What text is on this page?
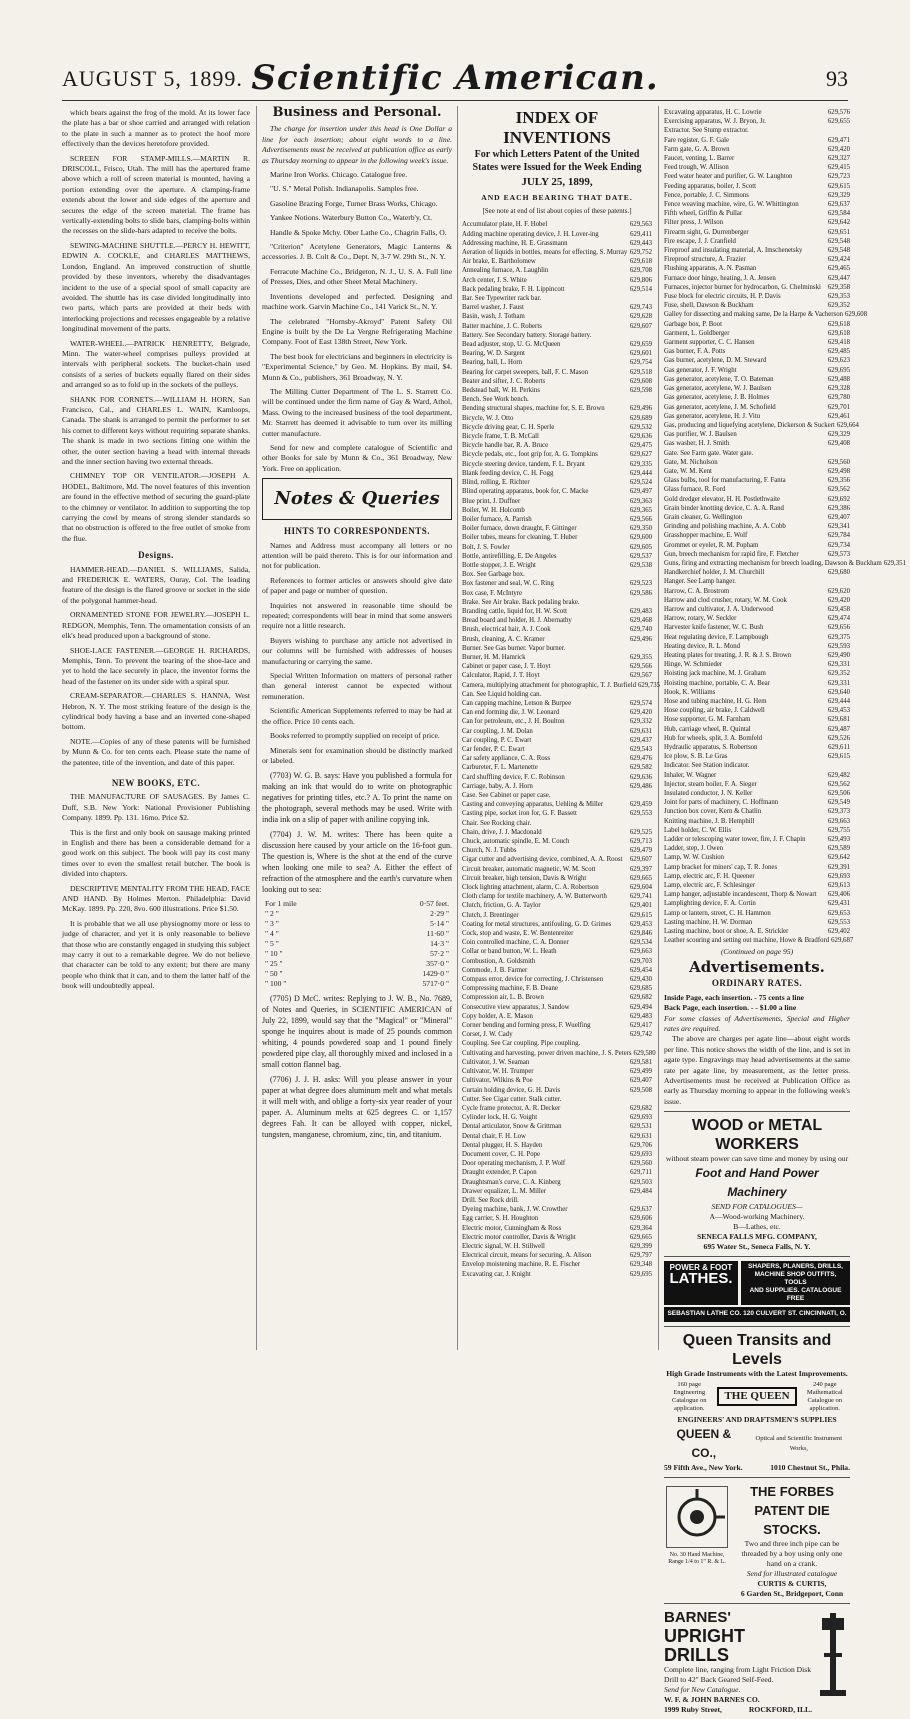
AUGUST 5, 1899. Scientific American.	93

which bears against the frog of the mold. At its lower face the plate has a bar or shoe carried and arranged with relation to the plate in such a manner as to protect the hoof more effectively than the devices heretofore provided.

SCREEN FOR STAMP-MILLS.—MARTIN R. DRISCOLL, Frisco, Utah. The mill has the apertured frame above which a roll of screen material is mounted, having a portion extending over the aperture. A clamping-frame extends about the lower and side edges of the aperture and secures the edge of the screen material. The frame has vertically-extending bolts to slide bars, clamping-bolts within the recesses on the slide-bars adapted to receive the bolts.

SEWING-MACHINE SHUTTLE.—PERCY H. HEWITT, EDWIN A. COCKLE, and CHARLES MATTHEWS, London, England. An improved construction of shuttle provided by these inventors, whereby the disadvantages incident to the use of a special spool of small capacity are avoided. The shuttle has its case divided longitudinally into two parts, which parts are provided at their beds with interlocking projections and recesses engageable by a relative longitudinal movement of the parts.

WATER-WHEEL.—PATRICK HENRETTY, Belgrade, Minn. The water-wheel comprises pulleys provided at intervals with peripheral sockets. The bucket-chain used consists of a series of buckets equally flared on their sides and arranged so as to fold up in the sockets of the pulleys.

SHANK FOR CORNETS.—WILLIAM H. HORN, San Francisco, Cal., and CHARLES L. WAIN, Kamloops, Canada. The shank is arranged to permit the performer to set his cornet to different keys without requiring separate shanks. The shank is made in two sections fitting one within the other, the outer section having a head with internal threads and the inner section having two external threads.

CHIMNEY TOP OR VENTILATOR.—JOSEPH A. HODEL, Baltimore, Md. The novel features of this invention are found in the effective method of securing the guard-plate to the chimney or ventilator. In addition to supporting the top carrying the cowl by means of strong slender standards so that no obstruction is offered to the free outlet of smoke from the flue.

Designs.

HAMMER-HEAD.—DANIEL S. WILLIAMS, Salida, and FREDERICK E. WATERS, Ouray, Col. The leading feature of the design is the flared groove or socket in the side of the polygonal hammer-head.

ORNAMENTED STONE FOR JEWELRY.—JOSEPH L. REDGON, Memphis, Tenn. The ornamentation consists of an elk's head produced upon a background of stone.

SHOE-LACE FASTENER.—GEORGE H. RICHARDS, Memphis, Tenn. To prevent the tearing of the shoe-lace and yet to hold the lace securely in place, the inventor forms the head of the fastener on its under side with a spiral spur.

CREAM-SEPARATOR.—CHARLES S. HANNA, West Hebron, N. Y. The most striking feature of the design is the cylindrical body having a base and an inverted cone-shaped bottom.

NOTE.—Copies of any of these patents will be furnished by Munn & Co. for ten cents each. Please state the name of the patentee, title of the invention, and date of this paper.

NEW BOOKS, ETC.

THE MANUFACTURE OF SAUSAGES. By James C. Duff, S.B. New York: National Provisioner Publishing Company. 1899. Pp. 131. 16mo. Price $2.

This is the first and only book on sausage making printed in English and there has been a considerable demand for a good work on this subject. The book will pay its cost many times over to even the smallest retail butcher. The book is divided into chapters.

DESCRIPTIVE MENTALITY FROM THE HEAD, FACE AND HAND. By Holmes Merton. Philadelphia: David McKay. 1899. Pp. 220, 8vo. 600 illustrations. Price $1.50.

It is probable that we all use physiognomy more or less to judge of character, and yet it is only reasonable to believe that those who are constantly engaged in studying this subject may carry it out to a remarkable degree. We do not believe that character can be told to any extent; but there are many people who think that it can, and to them the latter half of the book will undoubtedly appeal.

Business and Personal.

The charge for insertion under this head is One Dollar a line for each insertion; about eight words to a line. Advertisements must be received at publication office as early as Thursday morning to appear in the following week's issue.

Marine Iron Works. Chicago. Catalogue free.

"U. S." Metal Polish. Indianapolis. Samples free.

Gasoline Brazing Forge, Turner Brass Works, Chicago.

Yankee Notions. Waterbury Button Co., Waterb'y, Ct.

Handle & Spoke Mchy. Ober Lathe Co., Chagrin Falls, O.

"Criterion" Acetylene Generators, Magic Lanterns & accessories. J. B. Colt & Co., Dept. N, 3-7 W. 29th St., N. Y.

Ferracute Machine Co., Bridgeton, N. J., U. S. A. Full line of Presses, Dies, and other Sheet Metal Machinery.

Inventions developed and perfected. Designing and machine work. Garvin Machine Co., 141 Varick St., N. Y.

The celebrated "Hornsby-Akroyd" Patent Safety Oil Engine is built by the De La Vergne Refrigerating Machine Company. Foot of East 138th Street, New York.

The best book for electricians and beginners in electricity is "Experimental Science," by Geo. M. Hopkins. By mail, $4. Munn & Co., publishers, 361 Broadway, N. Y.

The Milling Cutter Department of The L. S. Starrett Co. will be continued under the firm name of Gay & Ward, Athol, Mass. Owing to the increased business of the tool department, Mr. Starrett has deemed it advisable to turn over its milling cutter manufacture.

Send for new and complete catalogue of Scientific and other Books for sale by Munn & Co., 361 Broadway, New York. Free on application.

Notes & Queries
HINTS TO CORRESPONDENTS.

Names and Address must accompany all letters or no attention will be paid thereto. This is for our information and not for publication.

References to former articles or answers should give date of paper and page or number of question.

Inquiries not answered in reasonable time should be repeated; correspondents will bear in mind that some answers require not a little research.

Buyers wishing to purchase any article not advertised in our columns will be furnished with addresses of houses manufacturing or carrying the same.

Special Written Information on matters of personal rather than general interest cannot be expected without remuneration.

Scientific American Supplements referred to may be had at the office. Price 10 cents each.

Books referred to promptly supplied on receipt of price.

Minerals sent for examination should be distinctly marked or labeled.

(7703) W. G. B. says: Have you published a formula for making an ink that would do to write on photographic negatives for printing titles, etc.? A. To print the name on the photograph, several methods may be used. Write with india ink on a slip of paper with aniline copying ink.

(7704) J. W. M. writes: There has been quite a discussion here caused by your article on the 16-foot gun. The question is, Where is the shot at the end of the curve when looking one mile to sea? A. Either the effect of refraction of the atmosphere and the earth's curvature when looking out to sea:

For 1 mile	0·57 feet.
" 2 "	2·29 "
" 3 "	5·14 "
" 4 "	11·60 "
" 5 "	14·3 "
" 10 "	57·2 "
" 25 "	357·0 "
" 50 "	1429·0 "
" 100 "	5717·0 "

(7705) D McC. writes: Replying to J. W. B., No. 7689, of Notes and Queries, in SCIENTIFIC AMERICAN of July 22, 1899, would say that the "Magical" or "Mineral" sponge he inquires about is made of 25 pounds common whiting, 4 pounds powdered soap and 1 pound finely powdered pipe clay, all thoroughly mixed and inclosed in a small cotton flannel bag.

(7706) J. J. H. asks: Will you please answer in your paper at what degree does aluminum melt and what metals it will melt with, and oblige a forty-six year reader of your paper. A. Aluminum melts at 625 degrees C. or 1,157 degrees Fah. It can be alloyed with copper, nickel, tungsten, manganese, chromium, zinc, tin, and titanium.

INDEX OF INVENTIONS
For which Letters Patent of the United States were Issued for the Week Ending
JULY 25, 1899,
AND EACH BEARING THAT DATE.
[See note at end of list about copies of these patents.]
Accumulator plate, H. F. Hobel	629,563
Adding machine operating device, J. H. Lover-ing	629,411
Addressing machine, H. E. Grassmann	629,443
Aeration of liquids in bottles, means for effecting, S. Murray 629,752
Air brake, E. Bartholomew	629,618
Annealing furnace, A. Laughlin	629,708
Arch center, J. S. White	629,806
Back pedaling brake, F. H. Lippincott	629,514
Bar. See Typewriter rack bar.
Barrel washer, J. Faust	629,743
Basin, wash, J. Totham	629,628
Batter machine, J. C. Roberts	629,607
Battery. See Secondary battery. Storage battery.
Bead adjuster, stop, U. G. McQueen	629,659
Bearing, W. D. Sargent	629,601
Bearing, ball, L. Horn	629,754
Bearing for carpet sweepers, ball, F. C. Mason	629,518
Beater and sifter, J. C. Roberts	629,608
Bedstead ball, W. H. Perkins	629,598
Bench. See Work bench.
Bending structural shapes, machine for, S. E. Brown	629,496
Bicycle, W. J. Otto	629,689
Bicycle driving gear, C. H. Sperle	629,532
Bicycle frame, T. B. McCall	629,636
Bicycle handle bar, R. A. Bruce	629,475
Bicycle pedals, etc., foot grip for, A. G. Tompkins	629,627
Bicycle steering device, tandem, F. L. Bryant	629,335
Blank feeding device, C. H. Fogg	629,444
Blind, rolling, E. Richter	629,524
Blind operating apparatus, book for, C. Macke	629,497
Blue print, J. Duffner	629,363
Boiler, W. H. Holcomb	629,365
Boiler furnace, A. Parrish	629,566
Boiler furnace, down draught, F. Gittinger	629,350
Boiler tubes, means for cleaning, T. Huber	629,600
Bolt, J. S. Fowler	629,605
Bottle, antirefilling, E. De Angeles	629,537
Bottle stopper, J. E. Wright	629,538
Box. See Garbage box.
Box fastener and seal, W. C. Ring	629,523
Box case, F. McIntyre	629,586
Brake. See Air brake. Back pedaling brake.
Branding cattle, liquid for, H. W. Scott	629,483
Bread board and holder, H. J. Abernathy	629,468
Brush, electrical hair, A. J. Cook	629,740
Brush, cleaning, A. C. Kramer	629,496
Burner. See Gas burner. Vapor burner.
Burner, H. M. Hamrick	629,355
Cabinet or paper case, J. T. Hoyt	629,566
Calculator, Rapid, J. T. Hoyt	629,567
Camera, multiplying attachment for photographic, T. J. Burfield 629,735
Can. See Liquid holding can.
Can capping machine, Letson & Burpee	629,574
Can end forming die, J. W. Leonard	629,420
Can for petroleum, etc., J. H. Boulton	629,332
Car coupling, J. M. Dolan	629,631
Car coupling, P. C. Ewart	629,437
Car fender, P. C. Ewart	629,543
Car safety appliance, C. A. Ross	629,476
Carbureter, F. L. Martenette	629,582
Card shuffling device, F. C. Robinson	629,636
Carriage, baby, A. J. Horn	629,486
Case. See Cabinet or paper case.
Casting and conveying apparatus, Uehling & Miller	629,459
Casting pipe, socket iron for, G. F. Bassett	629,553
Chair. See Rocking chair.
Chain, drive, J. J. Macdonald	629,525
Chuck, automatic spindle, E. M. Couch	629,713
Church, N. J. Tubbs	629,479
Cigar cutter and advertising device, combined, A. A. Roost 629,607
Circuit breaker, automatic magnetic, W. M. Scott	629,397
Circuit breaker, high tension, Davis & Wright	629,665
Clock lighting attachment, alarm, C. A. Robertson	629,604
Cloth clamp for textile machinery, A. W. Butterworth	629,741
Clutch, friction, G. A. Taylor	629,401
Clutch, J. Brentinger	629,615
Coating for metal structures, antifouling, G. D. Grimes	629,453
Cock, stop and waste, E. W. Bentenreiter	629,846
Coin controlled machine, C. A. Donner	629,534
Collar or band button, W. L. Heath	629,663
Combustion, A. Goldsmith	629,703
Commode, J. B. Farmer	629,454
Compass error, device for correcting, J. Christensen	629,430
Compressing machine, F. B. Deane	629,685
Compression air, L. B. Brown	629,682
Consecutive view apparatus, J. Sandow	629,494
Copy holder, A. E. Mason	629,483
Corner bending and forming press, F. Wuelfing	629,417
Corset, J. W. Cady	629,742
Coupling. See Car coupling. Pipe coupling.
Cultivating and harvesting, power driven machine, J. S. Peters 629,580
Cultivator, J. W. Seaman	629,581
Cultivator, W. H. Trumper	629,499
Cultivator, Wilkins & Poe	629,407
Curtain holding device, G. H. Davis	629,508
Cutter. See Cigar cutter. Stalk cutter.
Cycle frame protector, A. R. Decker	629,682
Cylinder lock, H. G. Voight	629,693
Dental articulator, Snow & Grittman	629,531
Dental chair, F. H. Low	629,631
Dental plugger, H. S. Hayden	629,706
Document cover, C. H. Pope	629,693
Door operating mechanism, J. P. Wolf	629,560
Draught extender, P. Capon	629,711
Draughtsman's curve, C. A. Kinberg	629,503
Drawer equalizer, L. M. Miller	629,484
Drill. See Rock drill.
Dyeing machine, bank, J. W. Crowther	629,637
Egg carrier, S. H. Houghton	629,606
Electric motor, Cunningham & Ross	629,364
Electric motor controller, Davis & Wright	629,665
Electric signal, W. H. Stillwell	629,399
Electrical circuit, means for securing, A. Alison	629,797
Envelop moistening machine, R. E. Fischer	629,348
Excavating car, J. Knight	629,695
Excavating apparatus, H. C. Lowrie	629,576
Exercising apparatus, W. J. Bryon, Jr.	629,655
Extractor. See Stump extractor.
Fare register, G. F. Gale	629,471
Farm gate, G. A. Brown	629,420
Faucet, venting, L. Barrer	629,327
Feed trough, W. Allison	629,415
Feed water heater and purifier, G. W. Laughton	629,723
Feeding apparatus, boiler, J. Scott	629,615
Fence, portable, J. C. Simmons	629,329
Fence weaving machine, wire, G. W. Whittington	629,637
Fifth wheel, Griffin & Pullar	629,584
Filter press, J. Wilson	629,642
Firearm sight, G. Durrenberger	629,651
Fire escape, J. J. Cranfield	629,548
Fireproof and insulating material, A. Imschenetsky	629,548
Fireproof structure, A. Frazier	629,424
Flushing apparatus, A. N. Pasman	629,465
Furnace door hinge, heating, J. A. Jensen	629,447
Furnaces, injector burner for hydrocarbon, G. Chelminski 629,358
Fuse block for electric circuits, H. P. Davis	629,353
Fuse, shell, Dawson & Buckham	629,352
Galley for dissecting and making same, De la Harpe & Vacherson 629,608
Garbage box, P. Boot	629,618
Garment, L. Goldberger	629,618
Garment supporter, C. C. Hansen	629,418
Gas burner, F. A. Potts	629,485
Gas burner, acetylene, D. M. Steward	629,623
Gas generator, J. F. Wright	629,695
Gas generator, acetylene, T. O. Bateman	629,488
Gas generator, acetylene, W. J. Baulsen	629,328
Gas generator, acetylene, J. B. Holmes	629,780
Gas generator, acetylene, J. M. Schofield	629,701
Gas generator, acetylene, H. J. Vitu	629,461
Gas, producing and liquefying acetylene, Dickerson & Suckert 629,664
Gas purifier, W. J. Baulsen	629,329
Gas washer, H. J. Smith	629,408
Gate. See Farm gate. Water gate.
Gate, M. Nicholson	629,560
Gate, W. M. Kent	629,498
Glass bulbs, tool for manufacturing, F. Fanta	629,356
Glass furnace, R. Ford	629,562
Gold dredger elevator, H. H. Postlethwaite	629,692
Grain binder knotting device, C. A. A. Rand	629,386
Grain cleaner, G. Wellington	629,407
Grinding and polishing machine, A. A. Cobb	629,341
Grasshopper machine, E. Wolf	629,784
Grommet or eyelet, R. M. Popham	629,734
Gun, breech mechanism for rapid fire, F. Fletcher	629,573
Guns, firing and extracting mechanism for breech loading, Dawson & Buckham 629,351
Handkerchief holder, J. M. Churchill	629,680
Hanger. See Lamp hanger.
Harrow, C. A. Brostrom	629,620
Harrow and clod crusher, rotary, W. M. Cook	629,420
Harrow and cultivator, J. A. Underwood	629,458
Harrow, rotary, W. Seckler	629,474
Harvester knife fastener, W. C. Bush	629,656
Heat regulating device, F. Lampbough	629,375
Heating device, R. L. Mond	629,593
Heating plates for treating, J. R. & J. S. Brown	629,490
Hinge, W. Schmieder	629,331
Hoisting jack machine, M. J. Graham	629,352
Hoisting machine, portable, C. A. Bear	629,331
Hook, K. Williams	629,640
Hose and tubing machine, H. G. Hem	629,444
Hose coupling, air brake, J. Caldwell	629,453
Hose supporter, G. M. Farnham	629,681
Hub, carriage wheel, R. Quintal	629,487
Hub for wheels, split, J. A. Bomfeld	629,526
Hydraulic apparatus, S. Robertson	629,611
Ice plow, S. B. Le Gras	629,615
Indicator. See Station indicator.
Inhaler, W. Wagner	629,482
Injector, steam boiler, F. A. Sieger	629,562
Insulated conductor, J. N. Keller	629,506
Joint for parts of machinery, C. Hoffmann	629,549
Junction box cover, Kern & Chatlin	629,373
Knitting machine, J. B. Hemphill	629,663
Label holder, C. W. Ellis	629,755
Ladder or telescoping water tower, fire, J. F. Chapin	629,493
Ladder, step, J. Owen	629,589
Lamp, W. W. Cushion	629,642
Lamp bracket for miners' cap, T. R. Jones	629,391
Lamp, electric arc, F. H. Queener	629,693
Lamp, electric arc, F. Schlesinger	629,613
Lamp hanger, adjustable incandescent, Thorp & Nowart 629,406
Lamplighting device, F. A. Cortin	629,431
Lamp or lantern, street, C. H. Hammon	629,653
Lasting machine, H. W. Dorman	629,553
Lasting machine, boot or shoe, A. E. Strickler	629,402
Leather scouring and setting out machine, Howe & Bradford 629,687
(Continued on page 95)
Advertisements.
ORDINARY RATES.
Inside Page, each insertion. - 75 cents a line
Back Page, each insertion. - - $1.00 a line
For some classes of Advertisements, Special and Higher rates are required.

The above are charges per agate line—about eight words per line. This notice shows the width of the line, and is set in agate type. Engravings may head advertisements at the same rate per agate line, by measurement, as the letter press. Advertisements must be received at Publication Office as early as Thursday morning to appear in the following week's issue.

WOOD or METAL WORKERS
without steam power can save time and money by using our
Foot and Hand Power Machinery
SEND FOR CATALOGUES—
A—Wood-working Machinery.
B—Lathes, etc.
SENECA FALLS MFG. COMPANY,
695 Water St., Seneca Falls, N. Y.
POWER & FOOT
LATHES.
SHAPERS, PLANERS, DRILLS,
MACHINE SHOP OUTFITS, TOOLS
AND SUPPLIES. CATALOGUE FREE
SEBASTIAN LATHE CO. 120 CULVERT ST. CINCINNATI, O.
Queen Transits and Levels
High Grade Instruments with the Latest Improvements.
160 page Engineering Catalogue on application.
THE QUEEN
240 page Mathematical Catalogue on application.
ENGINEERS' AND DRAFTSMEN'S SUPPLIES
QUEEN & CO.,
Optical and Scientific Instrument Works,
59 Fifth Ave., New York.	1010 Chestnut St., Phila.
No. 30 Hand Machine, Range 1/4 to 1" R. & L.
THE FORBES
PATENT DIE STOCKS.
Two and three inch pipe can be threaded by a boy using only one hand on a crank.
Send for illustrated catalogue
CURTIS & CURTIS,
6 Garden St., Bridgeport, Conn
BARNES'
UPRIGHT DRILLS
Complete line, ranging from Light Friction Disk Drill to 42" Back Geared Self-Feed.
Send for New Catalogue.
W. F. & JOHN BARNES CO.
1999 Ruby Street,	ROCKFORD, ILL.
